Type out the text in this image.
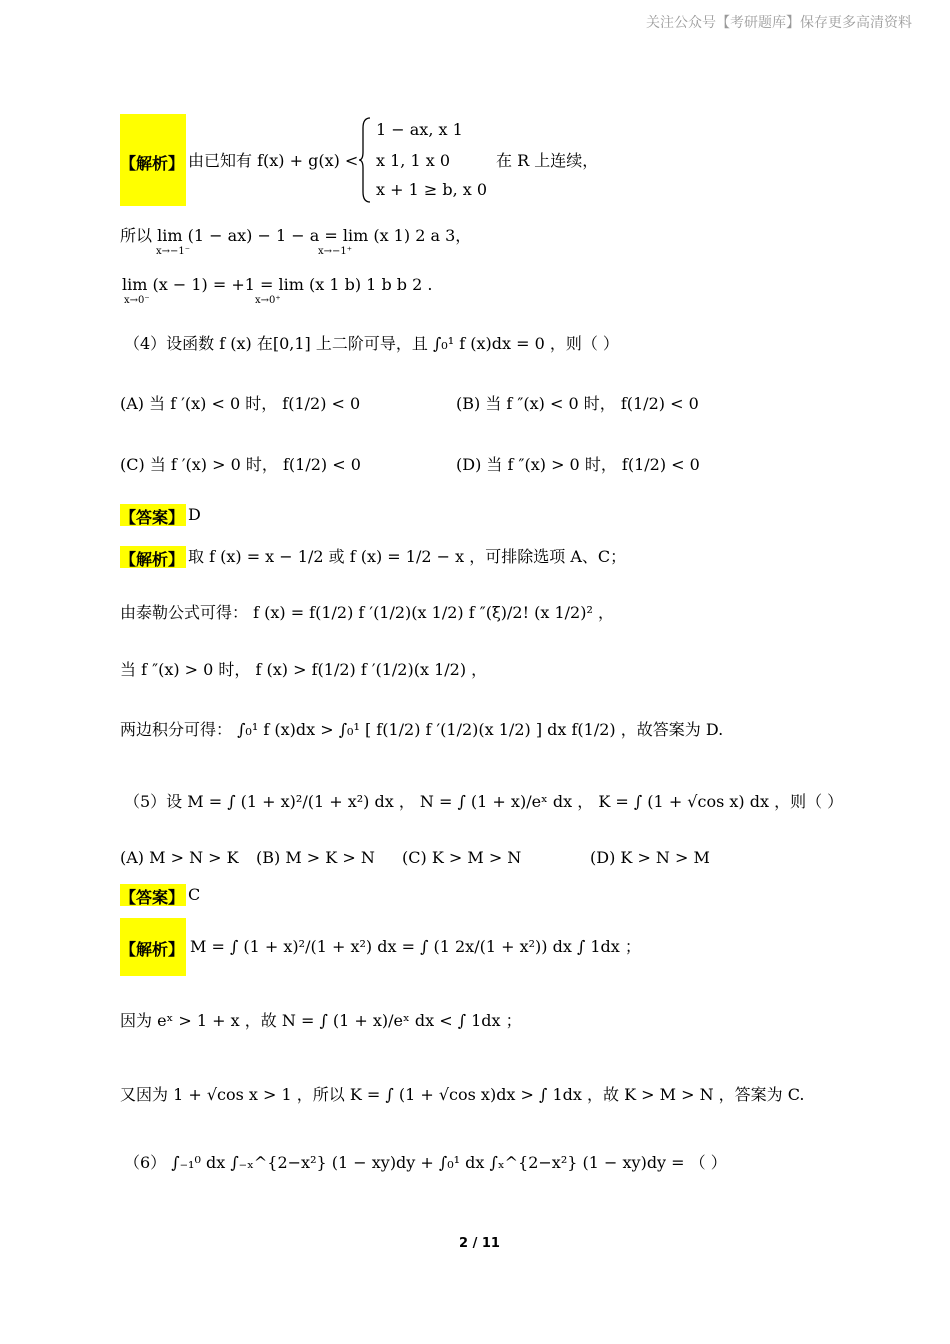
关注公众号【考研题库】保存更多高清资料
【解析】 由已知有 f(x) + g(x) <
1 − ax, x 1
x 1, 1 x 0
x + 1 ≥ b, x 0
在 R 上连续，
所以 lim (1 − ax) − 1 − a = lim (x 1) 2 a 3，
x→−1⁻	x→−1⁺
lim (x − 1) = +1 = lim (x 1 b) 1 b b 2 .
x→0⁻	x→0⁺
（4）设函数 f (x) 在[0,1] 上二阶可导，且 ∫₀¹ f (x)dx = 0 ，则（ ）
(A) 当 f ′(x) < 0 时， f(1/2) < 0	(B) 当 f ″(x) < 0 时， f(1/2) < 0
(C) 当 f ′(x) > 0 时， f(1/2) < 0	(D) 当 f ″(x) > 0 时， f(1/2) < 0
【答案】 D
【解析】 取 f (x) = x − 1/2 或 f (x) = 1/2 − x ，可排除选项 A、C；
由泰勒公式可得： f (x) = f(1/2) f ′(1/2)(x 1/2) f ″(ξ)/2! (x 1/2)² ，
当 f ″(x) > 0 时， f (x) > f(1/2) f ′(1/2)(x 1/2) ，
两边积分可得： ∫₀¹ f (x)dx > ∫₀¹ [ f(1/2) f ′(1/2)(x 1/2) ] dx f(1/2) ，故答案为 D.
（5）设 M = ∫ (1 + x)²/(1 + x²) dx ， N = ∫ (1 + x)/eˣ dx ， K = ∫ (1 + √cos x) dx ，则（ ）
(A) M > N > K (B) M > K > N (C) K > M > N	(D) K > N > M
【答案】 C
【解析】 M = ∫ (1 + x)²/(1 + x²) dx = ∫ (1 2x/(1 + x²)) dx ∫ 1dx ；
因为 eˣ > 1 + x ，故 N = ∫ (1 + x)/eˣ dx < ∫ 1dx ；
又因为 1 + √cos x > 1 ，所以 K = ∫ (1 + √cos x)dx > ∫ 1dx ，故 K > M > N ，答案为 C.
（6） ∫₋₁⁰ dx ∫₋ₓ^{2−x²} (1 − xy)dy + ∫₀¹ dx ∫ₓ^{2−x²} (1 − xy)dy = （ ）
2 / 11
